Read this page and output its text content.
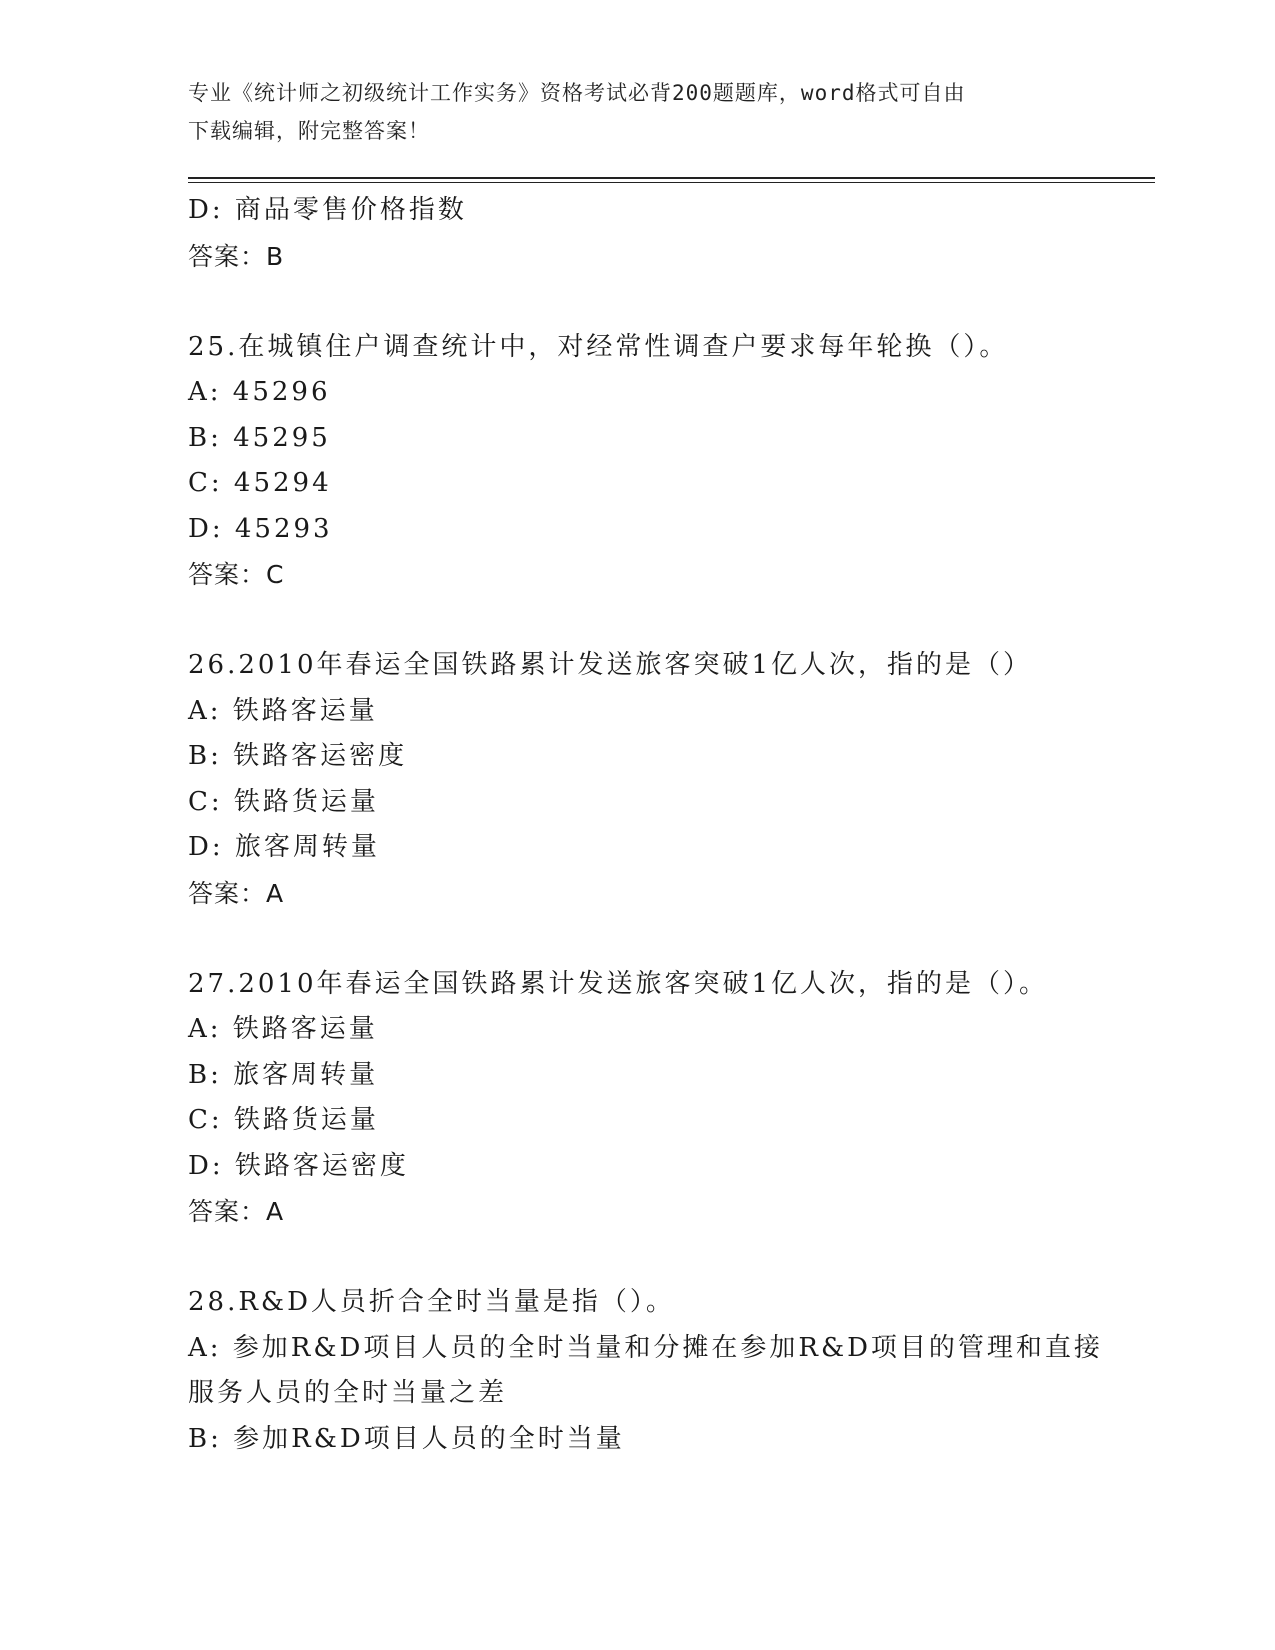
专业《统计师之初级统计工作实务》资格考试必背200题题库，word格式可自由
下载编辑，附完整答案！
D: 商品零售价格指数
答案：B
25.在城镇住户调查统计中，对经常性调查户要求每年轮换（）。
A: 45296
B: 45295
C: 45294
D: 45293
答案：C
26.2010年春运全国铁路累计发送旅客突破1亿人次，指的是（）
A: 铁路客运量
B: 铁路客运密度
C: 铁路货运量
D: 旅客周转量
答案：A
27.2010年春运全国铁路累计发送旅客突破1亿人次，指的是（）。
A: 铁路客运量
B: 旅客周转量
C: 铁路货运量
D: 铁路客运密度
答案：A
28.R&D人员折合全时当量是指（）。
A: 参加R&D项目人员的全时当量和分摊在参加R&D项目的管理和直接
服务人员的全时当量之差
B: 参加R&D项目人员的全时当量
